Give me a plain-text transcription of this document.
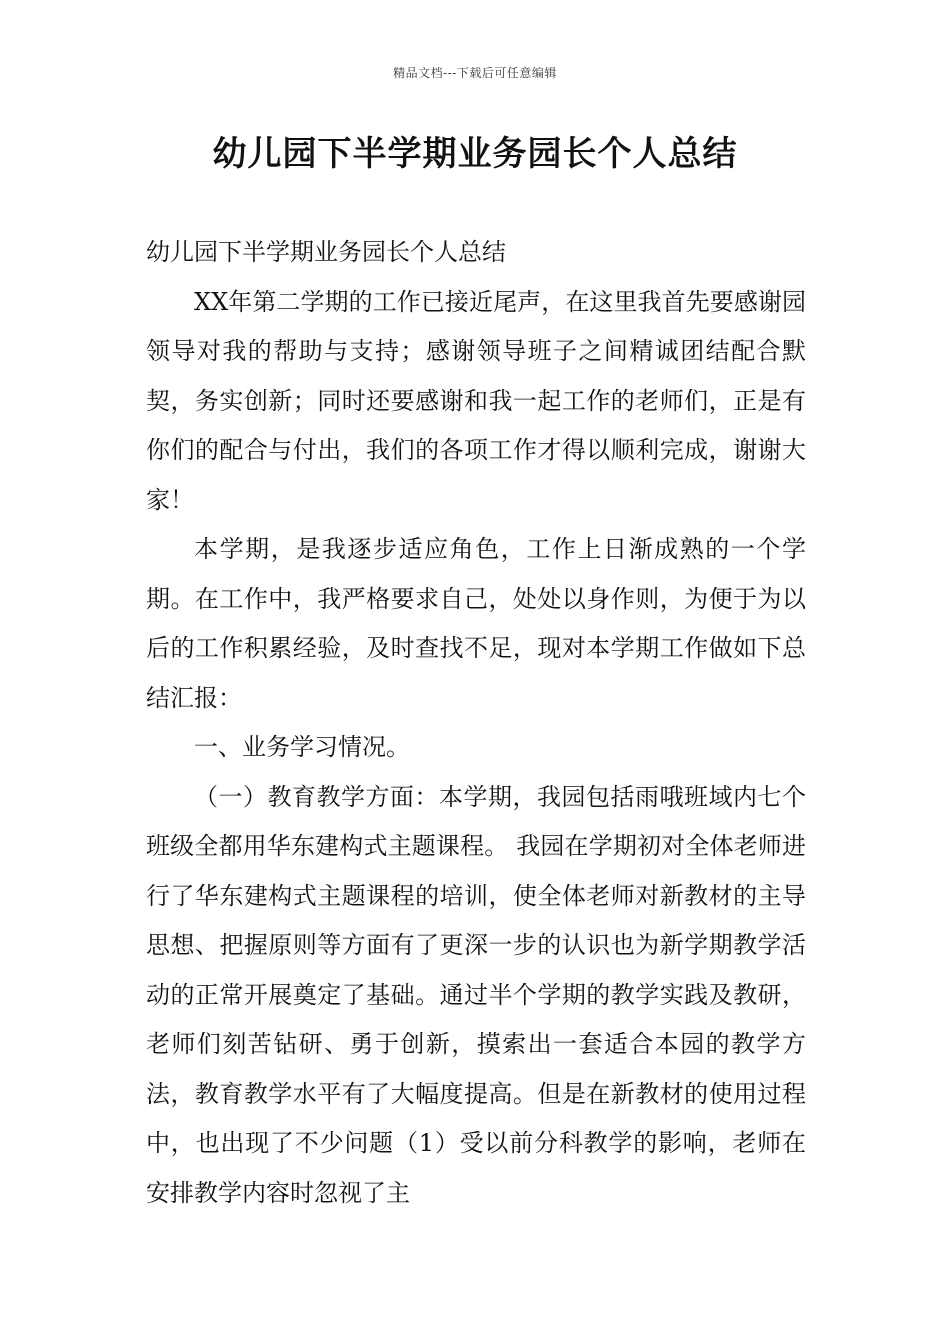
精品文档---下载后可任意编辑
幼儿园下半学期业务园长个人总结

幼儿园下半学期业务园长个人总结

XX年第二学期的工作已接近尾声，在这里我首先要感谢园领导对我的帮助与支持；感谢领导班子之间精诚团结配合默契，务实创新；同时还要感谢和我一起工作的老师们，正是有你们的配合与付出，我们的各项工作才得以顺利完成，谢谢大家！

本学期，是我逐步适应角色，工作上日渐成熟的一个学期。在工作中，我严格要求自己，处处以身作则，为便于为以后的工作积累经验，及时查找不足，现对本学期工作做如下总结汇报：

一、业务学习情况。

（一）教育教学方面：本学期，我园包括雨哦班域内七个班级全都用华东建构式主题课程。 我园在学期初对全体老师进行了华东建构式主题课程的培训，使全体老师对新教材的主导思想、把握原则等方面有了更深一步的认识也为新学期教学活动的正常开展奠定了基础。通过半个学期的教学实践及教研，老师们刻苦钻研、勇于创新，摸索出一套适合本园的教学方法，教育教学水平有了大幅度提高。但是在新教材的使用过程中，也出现了不少问题（1）受以前分科教学的影响，老师在安排教学内容时忽视了主
